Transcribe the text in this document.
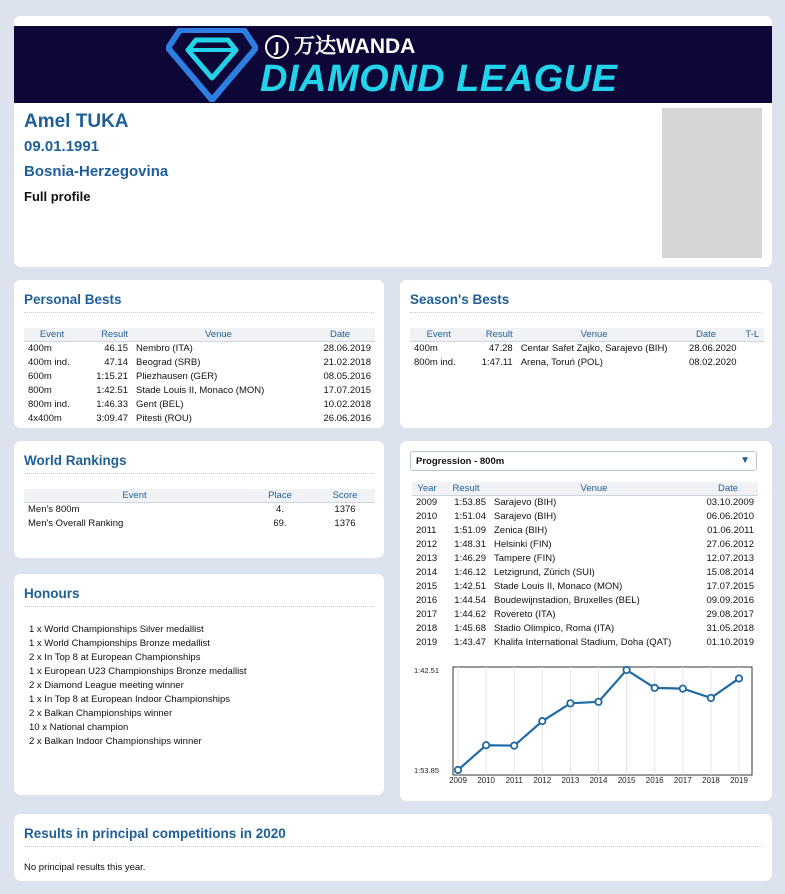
J 万达WANDA
DIAMOND LEAGUE
Amel TUKA
09.01.1991
Bosnia-Herzegovina
Full profile
Personal Bests
Event	Result	Venue	Date
400m	46.15	Nembro (ITA)	28.06.2019
400m ind.	47.14	Beograd (SRB)	21.02.2018
600m	1:15.21	Pliezhausen (GER)	08.05.2016
800m	1:42.51	Stade Louis II, Monaco (MON)	17.07.2015
800m ind.	1:46.33	Gent (BEL)	10.02.2018
4x400m	3:09.47	Pitesti (ROU)	26.06.2016
Season's Bests
Event	Result	Venue	Date	T-L
400m	47.28	Centar Safet Zajko, Sarajevo (BIH)	28.06.2020	
800m ind.	1:47.11	Arena, Toruń (POL)	08.02.2020	
World Rankings
Event	Place	Score
Men's 800m	4.	1376
Men's Overall Ranking	69.	1376
Honours
1 x World Championships Silver medallist
1 x World Championships Bronze medallist
2 x In Top 8 at European Championships
1 x European U23 Championships Bronze medallist
2 x Diamond League meeting winner
1 x In Top 8 at European Indoor Championships
2 x Balkan Championships winner
10 x National champion
2 x Balkan Indoor Championships winner
Progression - 800m	▼
Year	Result	Venue	Date
2009	1:53.85	Sarajevo (BIH)	03.10.2009
2010	1:51.04	Sarajevo (BIH)	06.06.2010
2011	1:51.09	Zenica (BIH)	01.06.2011
2012	1:48.31	Helsinki (FIN)	27.06.2012
2013	1:46.29	Tampere (FIN)	12.07.2013
2014	1:46.12	Letzigrund, Zürich (SUI)	15.08.2014
2015	1:42.51	Stade Louis II, Monaco (MON)	17.07.2015
2016	1:44.54	Boudewijnstadion, Bruxelles (BEL)	09.09.2016
2017	1:44.62	Rovereto (ITA)	29.08.2017
2018	1:45.68	Stadio Olimpico, Roma (ITA)	31.05.2018
2019	1:43.47	Khalifa International Stadium, Doha (QAT)	01.10.2019
2009 2010 2011 2012 2013 2014 2015 2016 2017 2018 2019
1:42.51
1:53.85
Results in principal competitions in 2020
No principal results this year.
